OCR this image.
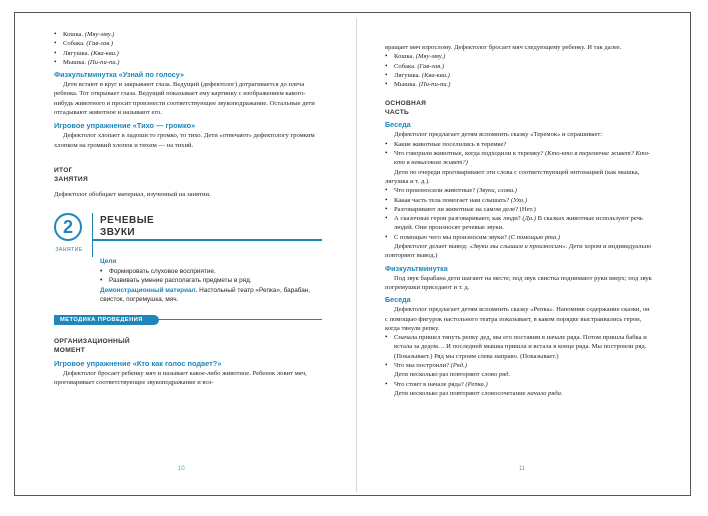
• Кошка. (Мяу-мяу.)

• Собака. (Гав-гав.)

• Лягушка. (Ква-ква.)

• Мышка. (Пи-пи-пи.)

Физкультминутка «Узнай по голосу»

Дети встают в круг и закрывают глаза. Ведущий (дефектолог) дотрагивается до плеча ребенка. Тот открывает глаза. Ведущий показывает ему картинку с изображением какого-нибудь животного и просит произнести соответствующее звукоподражание. Остальные дети отгадывают животное и называют его.

Игровое упражнение «Тихо — громко»

Дефектолог хлопает в ладоши то громко, то тихо. Дети «отвечают» дефектологу громким хлопком на громкий хлопок и тихим — на тихий.

ИТОГ
ЗАНЯТИЯ

Дефектолог обобщает материал, изученный на занятии.

2
ЗАНЯТИЕ
РЕЧЕВЫЕ
ЗВУКИ
Цели

• Формировать слуховое восприятие.

• Развивать умение располагать предметы в ряд.

Демонстрационный материал. Настольный театр «Репка», барабан, свисток, погремушка, мяч.

МЕТОДИКА ПРОВЕДЕНИЯ
ОРГАНИЗАЦИОННЫЙ
МОМЕНТ
Игровое упражнение «Кто как голос подает?»

Дефектолог бросает ребенку мяч и называет какое-либо животное. Ребенок ловит мяч, проговаривает соответствующее звукоподражание и воз-

10

вращает мяч взрослому. Дефектолог бросает мяч следующему ребенку. И так далее.

• Кошка. (Мяу-мяу.)

• Собака. (Гав-гав.)

• Лягушка. (Ква-ква.)

• Мышка. (Пи-пи-пи.)

ОСНОВНАЯ
ЧАСТЬ
Беседа

Дефектолог предлагает детям вспомнить сказку «Теремок» и спрашивает:

• Какие животные поселились в теремке?

• Что говорили животные, когда подходили к теремку? (Кто-кто в теремочке живет? Кто-кто в невысоком живет?)

Дети по очереди проговаривают эти слова с соответствующей интонацией (как мышка, лягушка и т. д.).

• Что произносили животные? (Звуки, слова.)

• Какая часть тела помогает нам слышать? (Ухо.)

• Разговаривают ли животные на самом деле? (Нет.)

• А сказочные герои разговаривают, как люди? (Да.) В сказках животные используют речь людей. Они произносят речевые звуки.

• С помощью чего мы произносим звуки? (С помощью рта.)

Дефектолог делает вывод: «Звуки мы слышим и произносим». Дети хором и индивидуально повторяют вывод.)

Физкультминутка

Под звук барабана дети шагают на месте; под звук свистка поднимают руки вверх; под звук погремушки приседают и т. д.

Беседа

Дефектолог предлагает детям вспомнить сказку «Репка». Напомнив содержание сказки, он с помощью фигурок настольного театра показывает, в каком порядке выстраивались герои, когда тянули репку.

• Сначала пришел тянуть репку дед, мы его поставим в начале ряда. Потом пришла бабка и встала за дедом… И последней мышка пришла и встала в конце ряда. Мы построили ряд. (Показывает.) Ряд мы строим слева направо. (Показывает.)

• Что мы построили? (Ряд.)

Дети несколько раз повторяют слово ряд.

• Что стоит в начале ряда? (Репка.)

Дети несколько раз повторяют словосочетание начало ряда.

11
